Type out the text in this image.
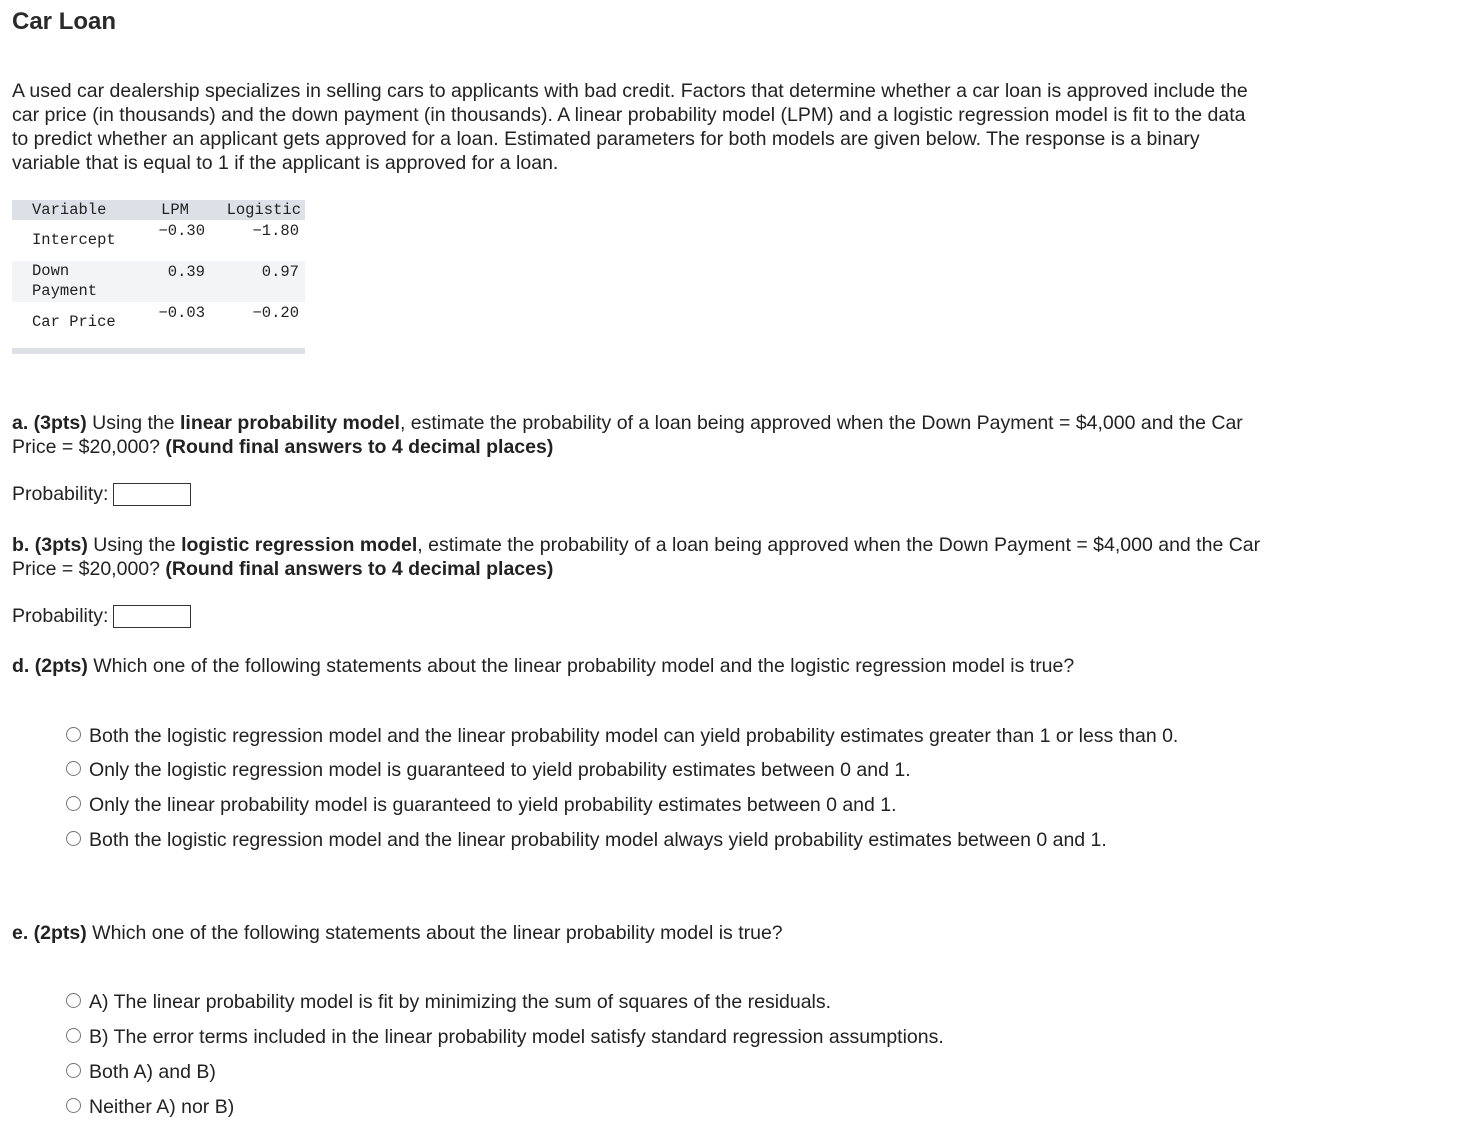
Car Loan
A used car dealership specializes in selling cars to applicants with bad credit. Factors that determine whether a car loan is approved include the car price (in thousands) and the down payment (in thousands). A linear probability model (LPM) and a logistic regression model is fit to the data to predict whether an applicant gets approved for a loan. Estimated parameters for both models are given below. The response is a binary variable that is equal to 1 if the applicant is approved for a loan.
Variable	LPM	Logistic

Intercept	−0.30	−1.80

Down Payment	0.39	0.97

Car Price	−0.03	−0.20
a. (3pts) Using the linear probability model, estimate the probability of a loan being approved when the Down Payment = $4,000 and the Car Price = $20,000? (Round final answers to 4 decimal places)
Probability:
b. (3pts) Using the logistic regression model, estimate the probability of a loan being approved when the Down Payment = $4,000 and the Car Price = $20,000? (Round final answers to 4 decimal places)
Probability:
d. (2pts) Which one of the following statements about the linear probability model and the logistic regression model is true?
Both the logistic regression model and the linear probability model can yield probability estimates greater than 1 or less than 0.
Only the logistic regression model is guaranteed to yield probability estimates between 0 and 1.
Only the linear probability model is guaranteed to yield probability estimates between 0 and 1.
Both the logistic regression model and the linear probability model always yield probability estimates between 0 and 1.
e. (2pts) Which one of the following statements about the linear probability model is true?
A) The linear probability model is fit by minimizing the sum of squares of the residuals.
B) The error terms included in the linear probability model satisfy standard regression assumptions.
Both A) and B)
Neither A) nor B)
